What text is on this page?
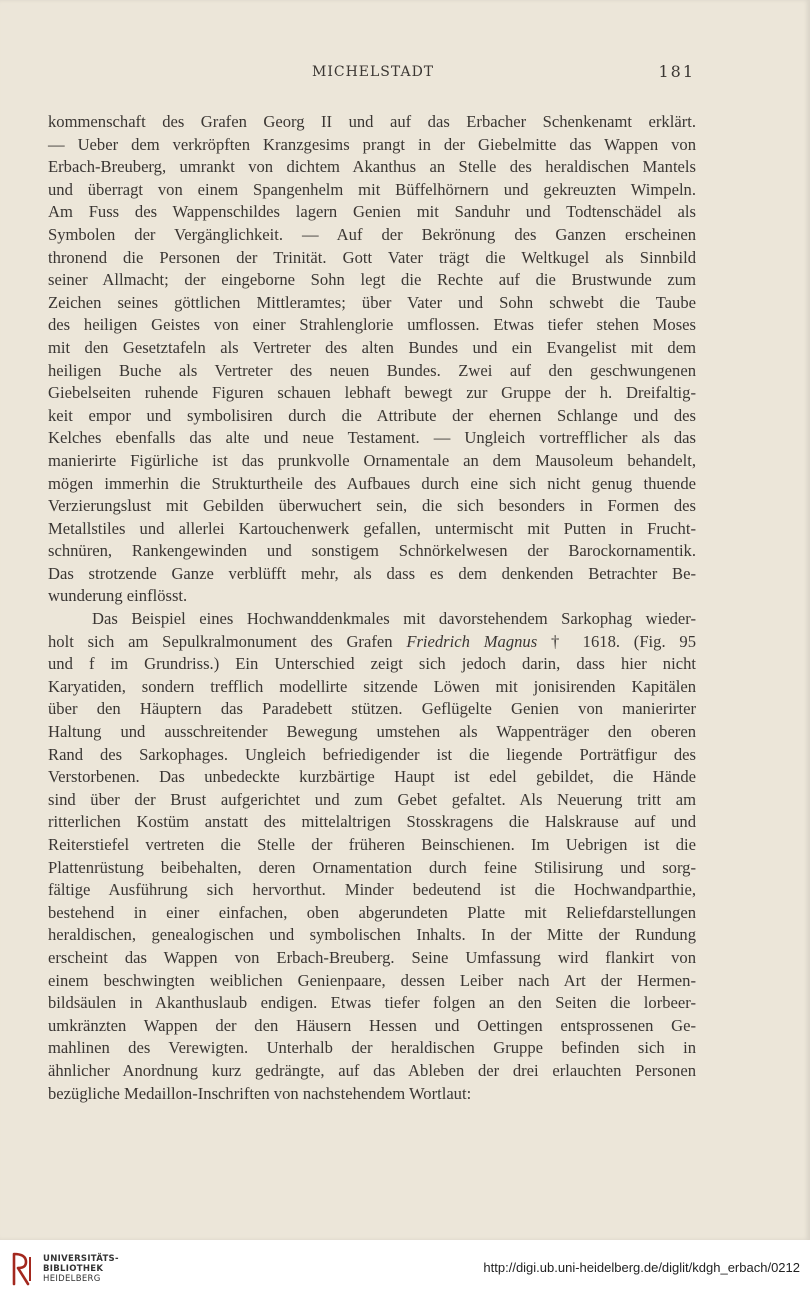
MICHELSTADT	181
kommenschaft des Grafen Georg II und auf das Erbacher Schenkenamt erklärt.
— Ueber dem verkröpften Kranzgesims prangt in der Giebelmitte das Wappen von
Erbach-Breuberg, umrankt von dichtem Akanthus an Stelle des heraldischen Mantels
und überragt von einem Spangenhelm mit Büffelhörnern und gekreuzten Wimpeln.
Am Fuss des Wappenschildes lagern Genien mit Sanduhr und Todtenschädel als
Symbolen der Vergänglichkeit. — Auf der Bekrönung des Ganzen erscheinen
thronend die Personen der Trinität. Gott Vater trägt die Weltkugel als Sinnbild
seiner Allmacht; der eingeborne Sohn legt die Rechte auf die Brustwunde zum
Zeichen seines göttlichen Mittleramtes; über Vater und Sohn schwebt die Taube
des heiligen Geistes von einer Strahlenglorie umflossen. Etwas tiefer stehen Moses
mit den Gesetztafeln als Vertreter des alten Bundes und ein Evangelist mit dem
heiligen Buche als Vertreter des neuen Bundes. Zwei auf den geschwungenen
Giebelseiten ruhende Figuren schauen lebhaft bewegt zur Gruppe der h. Dreifaltig-
keit empor und symbolisiren durch die Attribute der ehernen Schlange und des
Kelches ebenfalls das alte und neue Testament. — Ungleich vortrefflicher als das
manierirte Figürliche ist das prunkvolle Ornamentale an dem Mausoleum behandelt,
mögen immerhin die Strukturtheile des Aufbaues durch eine sich nicht genug thuende
Verzierungslust mit Gebilden überwuchert sein, die sich besonders in Formen des
Metallstiles und allerlei Kartouchenwerk gefallen, untermischt mit Putten in Frucht-
schnüren, Rankengewinden und sonstigem Schnörkelwesen der Barockornamentik.
Das strotzende Ganze verblüfft mehr, als dass es dem denkenden Betrachter Be-
wunderung einflösst.
Das Beispiel eines Hochwanddenkmales mit davorstehendem Sarkophag wieder-
holt sich am Sepulkralmonument des Grafen Friedrich Magnus † 1618. (Fig. 95
und f im Grundriss.) Ein Unterschied zeigt sich jedoch darin, dass hier nicht
Karyatiden, sondern trefflich modellirte sitzende Löwen mit jonisirenden Kapitälen
über den Häuptern das Paradebett stützen. Geflügelte Genien von manierirter
Haltung und ausschreitender Bewegung umstehen als Wappenträger den oberen
Rand des Sarkophages. Ungleich befriedigender ist die liegende Porträtfigur des
Verstorbenen. Das unbedeckte kurzbärtige Haupt ist edel gebildet, die Hände
sind über der Brust aufgerichtet und zum Gebet gefaltet. Als Neuerung tritt am
ritterlichen Kostüm anstatt des mittelaltrigen Stosskragens die Halskrause auf und
Reiterstiefel vertreten die Stelle der früheren Beinschienen. Im Uebrigen ist die
Plattenrüstung beibehalten, deren Ornamentation durch feine Stilisirung und sorg-
fältige Ausführung sich hervorthut. Minder bedeutend ist die Hochwandparthie,
bestehend in einer einfachen, oben abgerundeten Platte mit Reliefdarstellungen
heraldischen, genealogischen und symbolischen Inhalts. In der Mitte der Rundung
erscheint das Wappen von Erbach-Breuberg. Seine Umfassung wird flankirt von
einem beschwingten weiblichen Genienpaare, dessen Leiber nach Art der Hermen-
bildsäulen in Akanthuslaub endigen. Etwas tiefer folgen an den Seiten die lorbeer-
umkränzten Wappen der den Häusern Hessen und Oettingen entsprossenen Ge-
mahlinen des Verewigten. Unterhalb der heraldischen Gruppe befinden sich in
ähnlicher Anordnung kurz gedrängte, auf das Ableben der drei erlauchten Personen
bezügliche Medaillon-Inschriften von nachstehendem Wortlaut:
UNIVERSITÄTS-
BIBLIOTHEK
HEIDELBERG
http://digi.ub.uni-heidelberg.de/diglit/kdgh_erbach/0212
